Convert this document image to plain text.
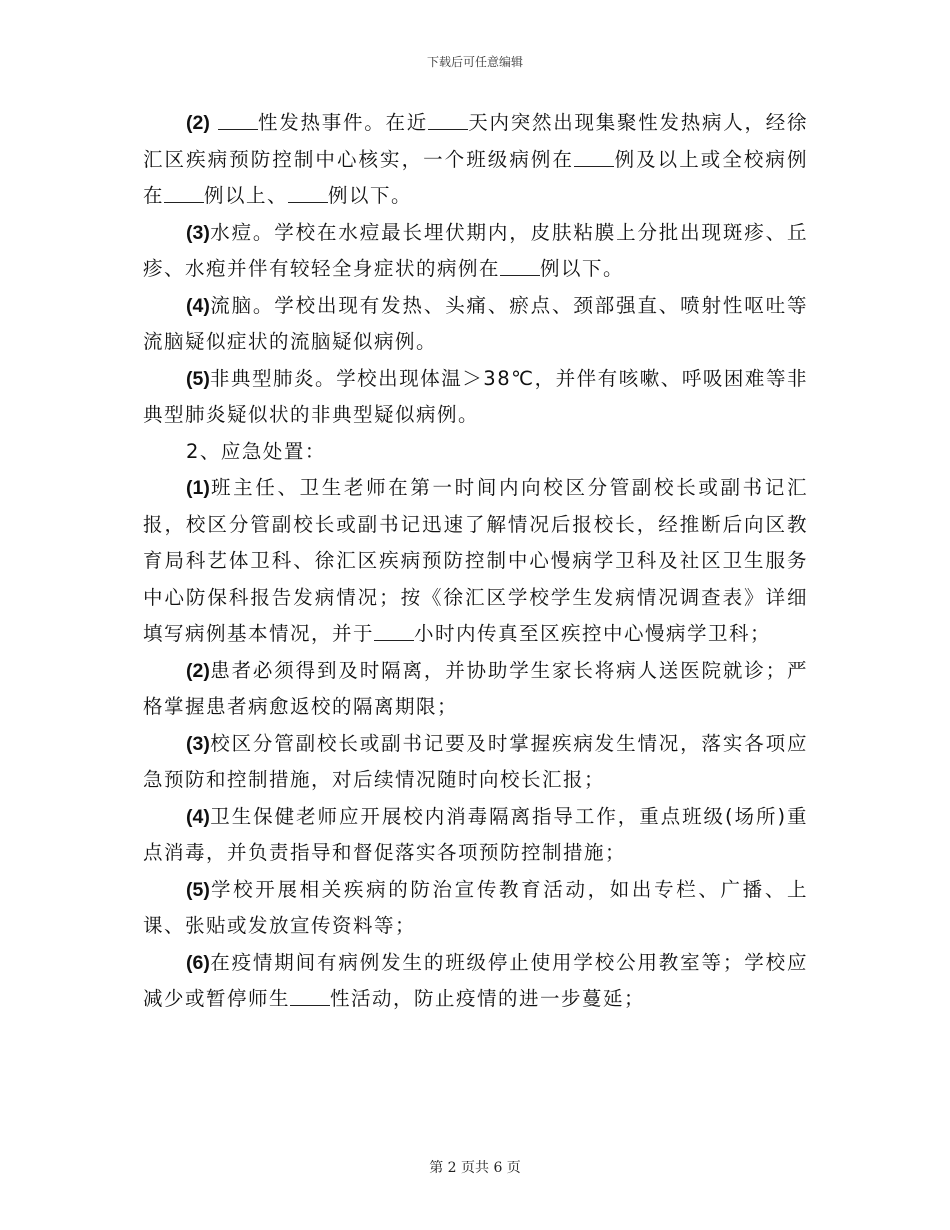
下载后可任意编辑

(2) 性发热事件。在近 天内突然出现集聚性发热病人，经徐汇区疾病预防控制中心核实，一个班级病例在 例及以上或全校病例在 例以上、 例以下。

(3)水痘。学校在水痘最长埋伏期内，皮肤粘膜上分批出现斑疹、丘疹、水疱并伴有较轻全身症状的病例在 例以下。

(4)流脑。学校出现有发热、头痛、瘀点、颈部强直、喷射性呕吐等流脑疑似症状的流脑疑似病例。

(5)非典型肺炎。学校出现体温＞38℃，并伴有咳嗽、呼吸困难等非典型肺炎疑似状的非典型疑似病例。

2、应急处置：

(1)班主任、卫生老师在第一时间内向校区分管副校长或副书记汇报，校区分管副校长或副书记迅速了解情况后报校长，经推断后向区教育局科艺体卫科、徐汇区疾病预防控制中心慢病学卫科及社区卫生服务中心防保科报告发病情况；按《徐汇区学校学生发病情况调查表》详细填写病例基本情况，并于 小时内传真至区疾控中心慢病学卫科；

(2)患者必须得到及时隔离，并协助学生家长将病人送医院就诊；严格掌握患者病愈返校的隔离期限；

(3)校区分管副校长或副书记要及时掌握疾病发生情况，落实各项应急预防和控制措施，对后续情况随时向校长汇报；

(4)卫生保健老师应开展校内消毒隔离指导工作，重点班级(场所)重点消毒，并负责指导和督促落实各项预防控制措施；

(5)学校开展相关疾病的防治宣传教育活动，如出专栏、广播、上课、张贴或发放宣传资料等；

(6)在疫情期间有病例发生的班级停止使用学校公用教室等；学校应减少或暂停师生 性活动，防止疫情的进一步蔓延；

第 2 页共 6 页
